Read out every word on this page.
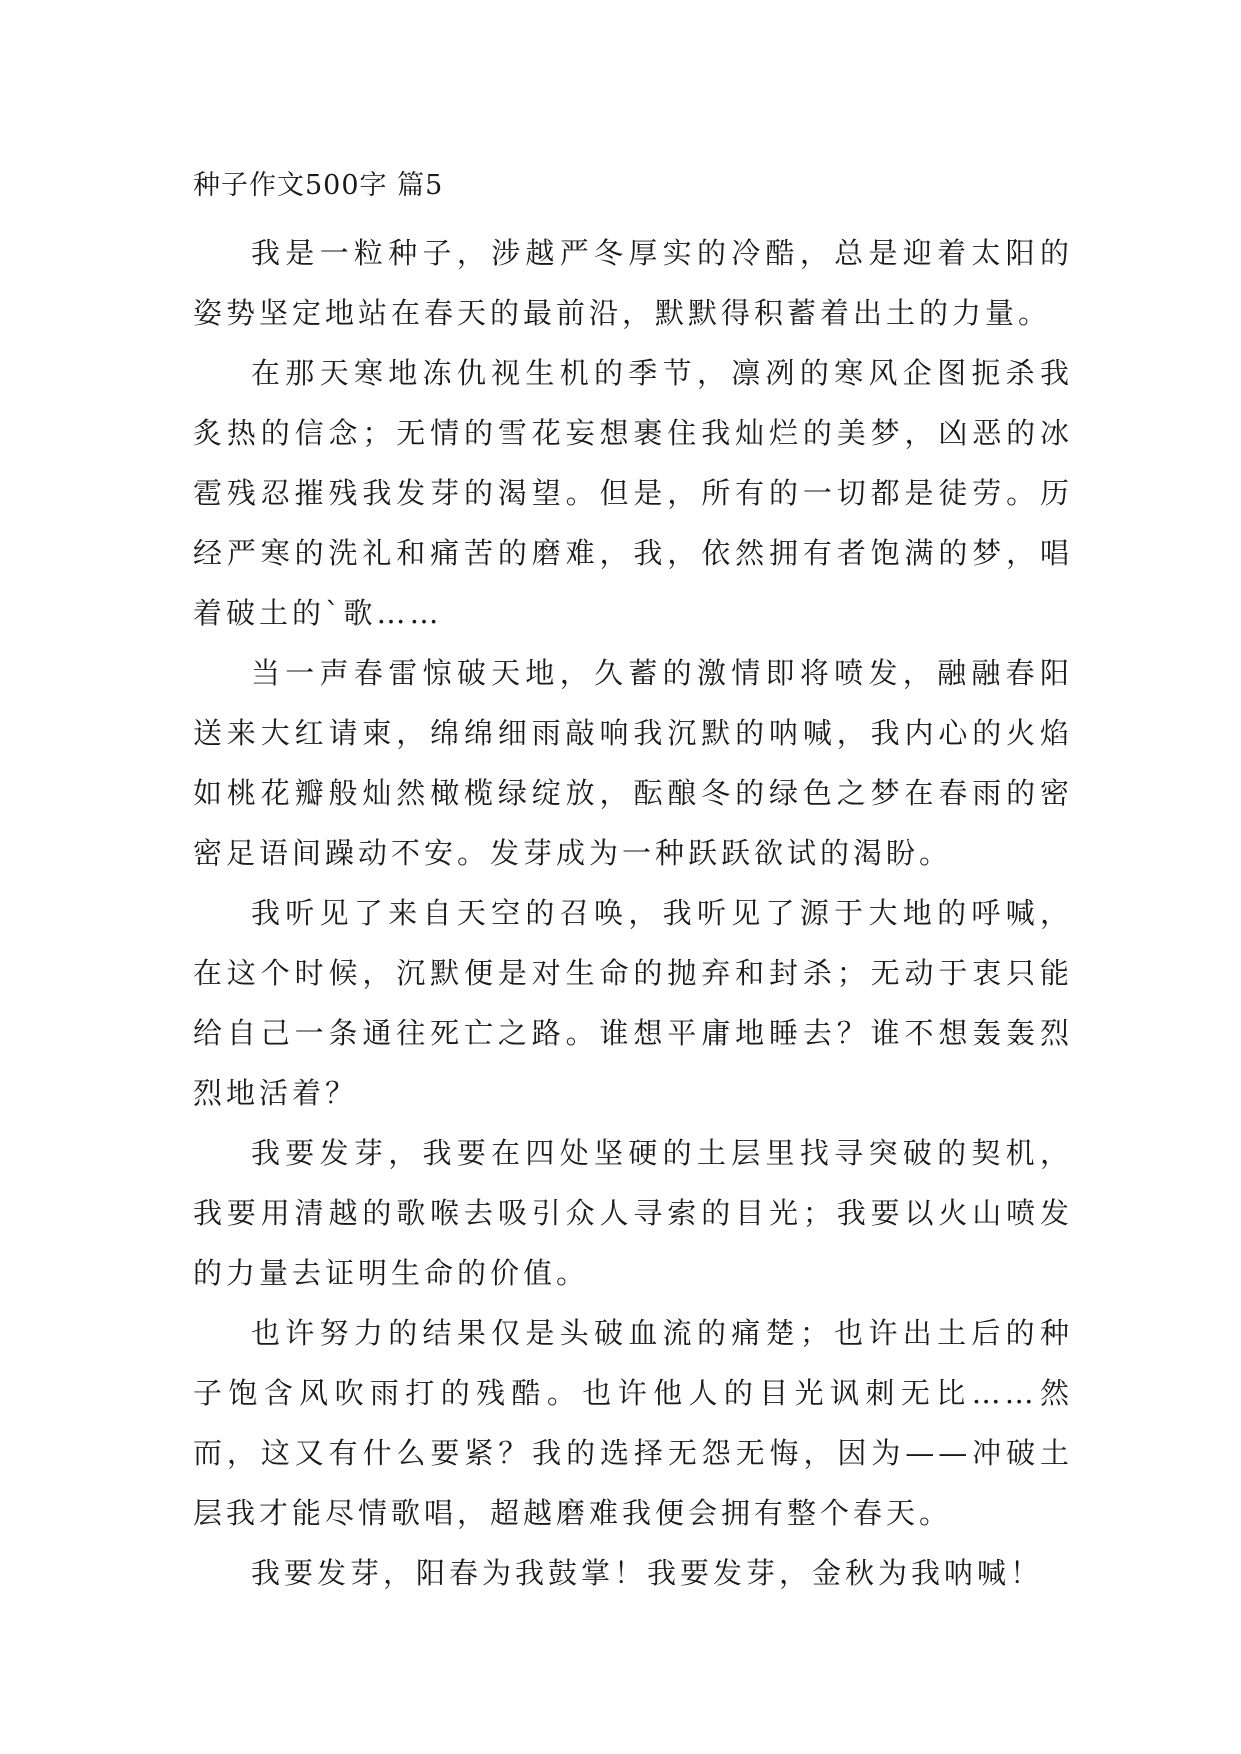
种子作文500字 篇5

我是一粒种子，涉越严冬厚实的冷酷，总是迎着太阳的姿势坚定地站在春天的最前沿，默默得积蓄着出土的力量。

在那天寒地冻仇视生机的季节，凛冽的寒风企图扼杀我炙热的信念；无情的雪花妄想裹住我灿烂的美梦，凶恶的冰雹残忍摧残我发芽的渴望。但是，所有的一切都是徒劳。历经严寒的洗礼和痛苦的磨难，我，依然拥有者饱满的梦，唱着破土的`歌……

当一声春雷惊破天地，久蓄的激情即将喷发，融融春阳送来大红请柬，绵绵细雨敲响我沉默的呐喊，我内心的火焰如桃花瓣般灿然橄榄绿绽放，酝酿冬的绿色之梦在春雨的密密足语间躁动不安。发芽成为一种跃跃欲试的渴盼。

我听见了来自天空的召唤，我听见了源于大地的呼喊，在这个时候，沉默便是对生命的抛弃和封杀；无动于衷只能给自己一条通往死亡之路。谁想平庸地睡去？谁不想轰轰烈烈地活着？

我要发芽，我要在四处坚硬的土层里找寻突破的契机，我要用清越的歌喉去吸引众人寻索的目光；我要以火山喷发的力量去证明生命的价值。

也许努力的结果仅是头破血流的痛楚；也许出土后的种子饱含风吹雨打的残酷。也许他人的目光讽刺无比……然而，这又有什么要紧？我的选择无怨无悔，因为——冲破土层我才能尽情歌唱，超越磨难我便会拥有整个春天。

我要发芽，阳春为我鼓掌！我要发芽，金秋为我呐喊！
